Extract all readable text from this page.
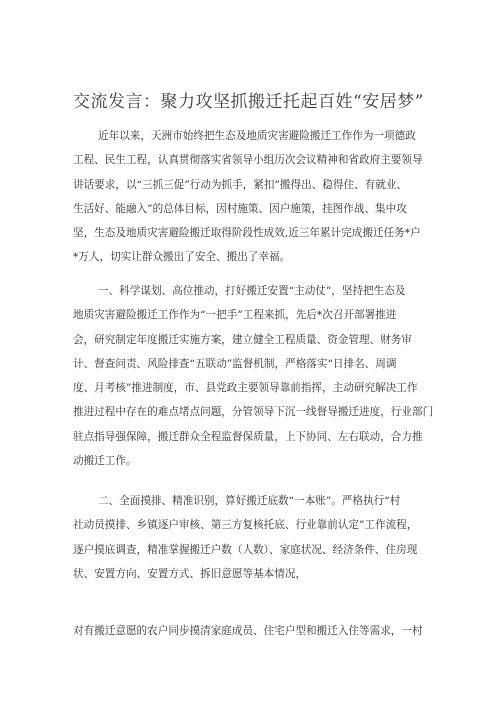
交流发言：聚力攻坚抓搬迁托起百姓“安居梦”

近年以来，天洲市始终把生态及地质灾害避险搬迁工作作为一项德政
工程、民生工程，认真贯彻落实省领导小组历次会议精神和省政府主要领导
讲话要求，以“三抓三促”行动为抓手，紧扣”搬得出、稳得住、有就业、
生活好、能融入”的总体目标，因村施策、因户施策，挂图作战、集中攻
坚，生态及地质灾害避险搬迁取得阶段性成效,近三年累计完成搬迁任务*户
*万人，切实让群众搬出了安全、搬出了幸福。

一、科学谋划、高位推动，打好搬迁安置“主动仗”，坚持把生态及
地质灾害避险搬迁工作作为“一把手”工程来抓，先后*次召开部署推进
会，研究制定年度搬迁实施方案，建立健全工程质量、资金管理、财务审
计、督查问责、风险排查“五联动”监督机制，严格落实“日排名、周调
度、月考核”推进制度，市、县党政主要领导靠前指挥，主动研究解决工作
推进过程中存在的难点堵点问题，分管领导下沉一线督导搬迁进度，行业部门
驻点指导强保障，搬迁群众全程监督保质量，上下协同、左右联动，合力推
动搬迁工作。

二、全面摸排、精准识别，算好搬迁底数“一本账”。严格执行“村
社动员摸排、乡镇逐户审核、第三方复核托底、行业靠前认定”工作流程，
逐户摸底调查，精准掌握搬迁户数（人数）、家庭状况、经济条件、住房现
状、安置方向、安置方式、拆旧意愿等基本情况，

对有搬迁意愿的农户同步摸清家庭成员、住宅户型和搬迁入住等需求，一村
